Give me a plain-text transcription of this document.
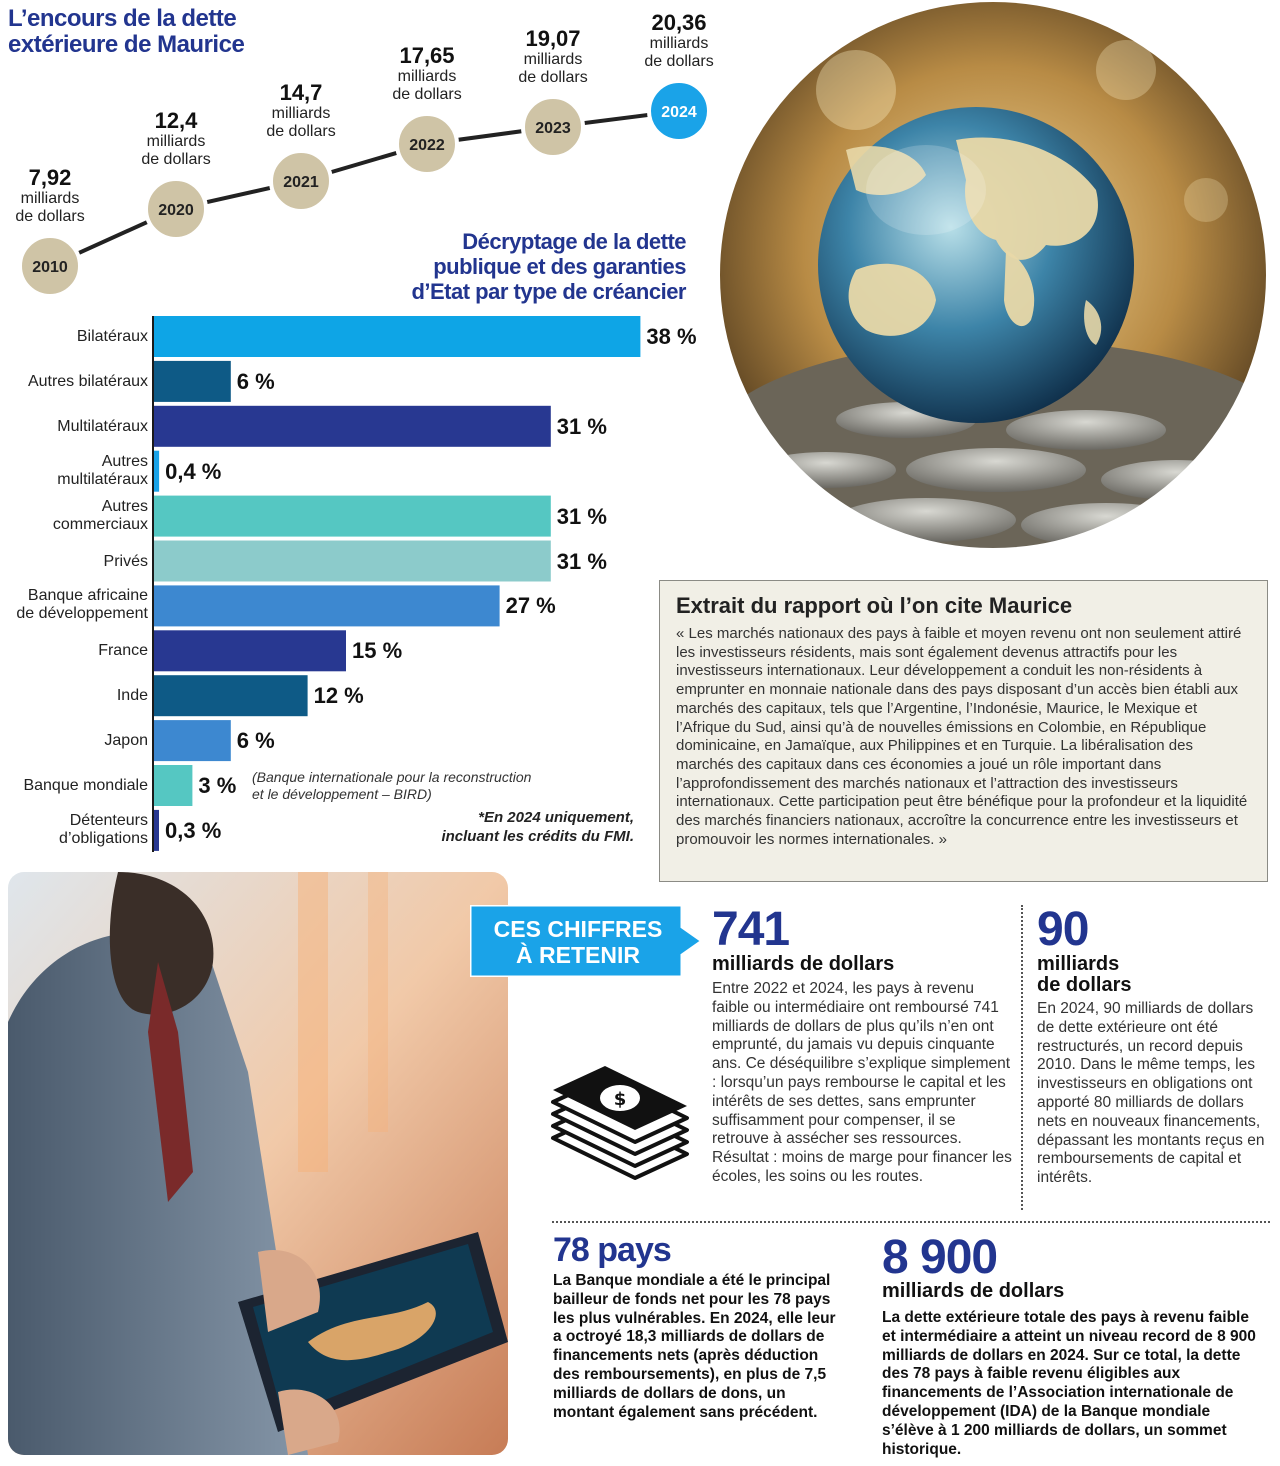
L’encours de la dette
extérieure de Maurice
2010
2020
2021
2022
2023
2024
7,92
milliards
de dollars
12,4
milliards
de dollars
14,7
milliards
de dollars
17,65
milliards
de dollars
19,07
milliards
de dollars
20,36
milliards
de dollars
Décryptage de la dette
publique et des garanties
d’Etat par type de créancier
38 %
Bilatéraux
6 %
Autres bilatéraux
31 %
Multilatéraux
0,4 %
Autres
multilatéraux
31 %
Autres
commerciaux
31 %
Privés
27 %
Banque africaine
de développement
15 %
France
12 %
Inde
6 %
Japon
3 %
Banque mondiale
0,3 %
Détenteurs
d’obligations
(Banque internationale pour la reconstruction
et le développement – BIRD)
*En 2024 uniquement,
incluant les crédits du FMI.

Extrait du rapport où l’on cite Maurice

« Les marchés nationaux des pays à faible et moyen revenu ont non seulement attiré les investisseurs résidents, mais sont également devenus attractifs pour les investisseurs internationaux. Leur développement a conduit les non-résidents à emprunter en monnaie nationale dans des pays disposant d’un accès bien établi aux marchés des capitaux, tels que l’Argentine, l’Indonésie, Maurice, le Mexique et l’Afrique du Sud, ainsi qu’à de nouvelles émissions en Colombie, en République dominicaine, en Jamaïque, aux Philippines et en Turquie. La libéralisation des marchés des capitaux dans ces économies a joué un rôle important dans l’approfondissement des marchés nationaux et l’attraction des investisseurs internationaux. Cette participation peut être bénéfique pour la profondeur et la liquidité des marchés financiers nationaux, accroître la concurrence entre les investisseurs et promouvoir les normes internationales. »

CES CHIFFRES
À RETENIR	741
milliards de dollars
Entre 2022 et 2024, les pays à revenu faible ou intermédiaire ont remboursé 741 milliards de dollars de plus qu’ils n’en ont emprunté, du jamais vu depuis cinquante ans. Ce déséquilibre s’explique simplement : lorsqu’un pays rembourse le capital et les intérêts de ses dettes, sans emprunter suffisamment pour compenser, il se retrouve à assécher ses ressources. Résultat : moins de marge pour financer les écoles, les soins ou les routes.
$
90
milliards
de dollars
En 2024, 90 milliards de dollars de dette extérieure ont été restructurés, un record depuis 2010. Dans le même temps, les investisseurs en obligations ont apporté 80 milliards de dollars nets en nouveaux financements, dépassant les montants reçus en remboursements de capital et intérêts.
78 pays
La Banque mondiale a été le principal bailleur de fonds net pour les 78 pays les plus vulnérables. En 2024, elle leur a octroyé 18,3 milliards de dollars de financements nets (après déduction des remboursements), en plus de 7,5 milliards de dollars de dons, un montant également sans précédent.
8 900
milliards de dollars
La dette extérieure totale des pays à revenu faible et intermédiaire a atteint un niveau record de 8 900 milliards de dollars en 2024. Sur ce total, la dette des 78 pays à faible revenu éligibles aux financements de l’Association internationale de développement (IDA) de la Banque mondiale s’élève à 1 200 milliards de dollars, un sommet historique.
